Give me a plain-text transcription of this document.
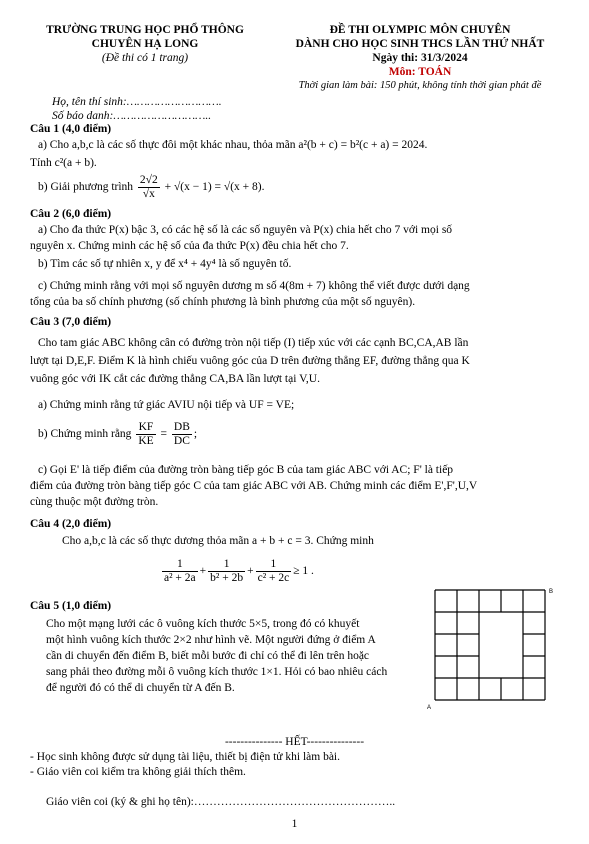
TRƯỜNG TRUNG HỌC PHỔ THÔNG
CHUYÊN HẠ LONG
(Đề thi có 1 trang)
ĐỀ THI OLYMPIC MÔN CHUYÊN
DÀNH CHO HỌC SINH THCS LẦN THỨ NHẤT
Ngày thi: 31/3/2024
Môn: TOÁN
Thời gian làm bài: 150 phút, không tính thời gian phát đề
Họ, tên thí sinh:……………………….
Số báo danh:………………………..
Câu 1 (4,0 điểm)
a) Cho a,b,c là các số thực đôi một khác nhau, thỏa mãn a²(b + c) = b²(c + a) = 2024.
Tính c²(a + b).
b) Giải phương trình $\frac{2√2}{√x} + √(x - 1) = √(x + 8)$.
Câu 2 (6,0 điểm)
a) Cho đa thức P(x) bậc 3, có các hệ số là các số nguyên và P(x) chia hết cho 7 với mọi số
nguyên x. Chứng minh các hệ số của đa thức P(x) đều chia hết cho 7.
b) Tìm các số tự nhiên x, y để x⁴ + 4y⁴ là số nguyên tố.
c) Chứng minh rằng với mọi số nguyên dương m số 4(8m + 7) không thể viết được dưới dạng
tổng của ba số chính phương (số chính phương là bình phương của một số nguyên).
Câu 3 (7,0 điểm)
Cho tam giác ABC không cân có đường tròn nội tiếp (I) tiếp xúc với các cạnh BC,CA,AB lần
lượt tại D,E,F. Điểm K là hình chiếu vuông góc của D trên đường thẳng EF, đường thẳng qua K
vuông góc với IK cắt các đường thẳng CA,BA lần lượt tại V,U.
a) Chứng minh rằng tứ giác AVIU nội tiếp và UF = VE;
b) Chứng minh rằng $\frac{KF}{KE} = \frac{DB}{DC}$ ;
c) Gọi E' là tiếp điểm của đường tròn bàng tiếp góc B của tam giác ABC với AC; F' là tiếp
điểm của đường tròn bàng tiếp góc C của tam giác ABC với AB. Chứng minh các điểm E',F',U,V
cùng thuộc một đường tròn.
Câu 4 (2,0 điểm)
Cho a,b,c là các số thực dương thỏa mãn a + b + c = 3. Chứng minh
$\frac{1}{\text{a² + 2a}} + \frac{1}{\text{b² + 2b}} + \frac{1}{\text{c² + 2c}} \ge 1$ .
Câu 5 (1,0 điểm)
Cho một mạng lưới các ô vuông kích thước 5×5, trong đó có khuyết
một hình vuông kích thước 2×2 như hình vẽ. Một người đứng ở điểm A
cần di chuyển đến điểm B, biết mỗi bước đi chỉ có thể đi lên trên hoặc
sang phải theo đường mỗi ô vuông kích thước 1×1. Hỏi có bao nhiêu cách
để người đó có thể di chuyển từ A đến B.
A
B
--------------- HẾT---------------
- Học sinh không được sử dụng tài liệu, thiết bị điện tử khi làm bài.
- Giáo viên coi kiểm tra không giải thích thêm.
Giáo viên coi (ký & ghi họ tên):……………………………………………..
1
